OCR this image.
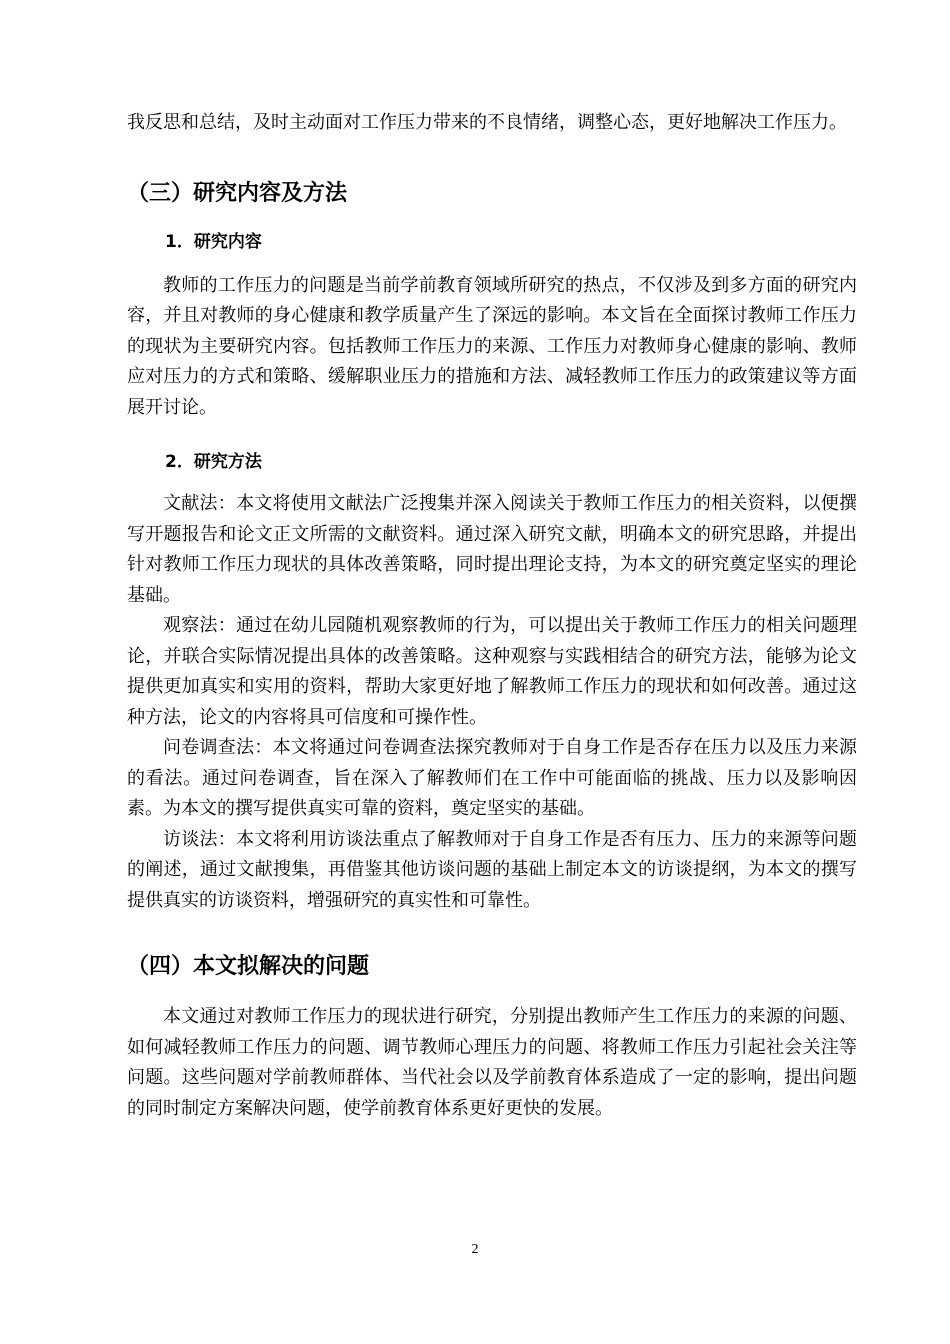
我反思和总结，及时主动面对工作压力带来的不良情绪，调整心态，更好地解决工作压力。

（三）研究内容及方法
1．研究内容

教师的工作压力的问题是当前学前教育领域所研究的热点，不仅涉及到多方面的研究内容，并且对教师的身心健康和教学质量产生了深远的影响。本文旨在全面探讨教师工作压力的现状为主要研究内容。包括教师工作压力的来源、工作压力对教师身心健康的影响、教师应对压力的方式和策略、缓解职业压力的措施和方法、减轻教师工作压力的政策建议等方面展开讨论。

2．研究方法

文献法：本文将使用文献法广泛搜集并深入阅读关于教师工作压力的相关资料，以便撰写开题报告和论文正文所需的文献资料。通过深入研究文献，明确本文的研究思路，并提出针对教师工作压力现状的具体改善策略，同时提出理论支持，为本文的研究奠定坚实的理论基础。

观察法：通过在幼儿园随机观察教师的行为，可以提出关于教师工作压力的相关问题理论，并联合实际情况提出具体的改善策略。这种观察与实践相结合的研究方法，能够为论文提供更加真实和实用的资料，帮助大家更好地了解教师工作压力的现状和如何改善。通过这种方法，论文的内容将具可信度和可操作性。

问卷调查法：本文将通过问卷调查法探究教师对于自身工作是否存在压力以及压力来源的看法。通过问卷调查，旨在深入了解教师们在工作中可能面临的挑战、压力以及影响因素。为本文的撰写提供真实可靠的资料，奠定坚实的基础。

访谈法：本文将利用访谈法重点了解教师对于自身工作是否有压力、压力的来源等问题的阐述，通过文献搜集，再借鉴其他访谈问题的基础上制定本文的访谈提纲，为本文的撰写提供真实的访谈资料，增强研究的真实性和可靠性。

（四）本文拟解决的问题

本文通过对教师工作压力的现状进行研究，分别提出教师产生工作压力的来源的问题、如何减轻教师工作压力的问题、调节教师心理压力的问题、将教师工作压力引起社会关注等问题。这些问题对学前教师群体、当代社会以及学前教育体系造成了一定的影响，提出问题的同时制定方案解决问题，使学前教育体系更好更快的发展。

2
